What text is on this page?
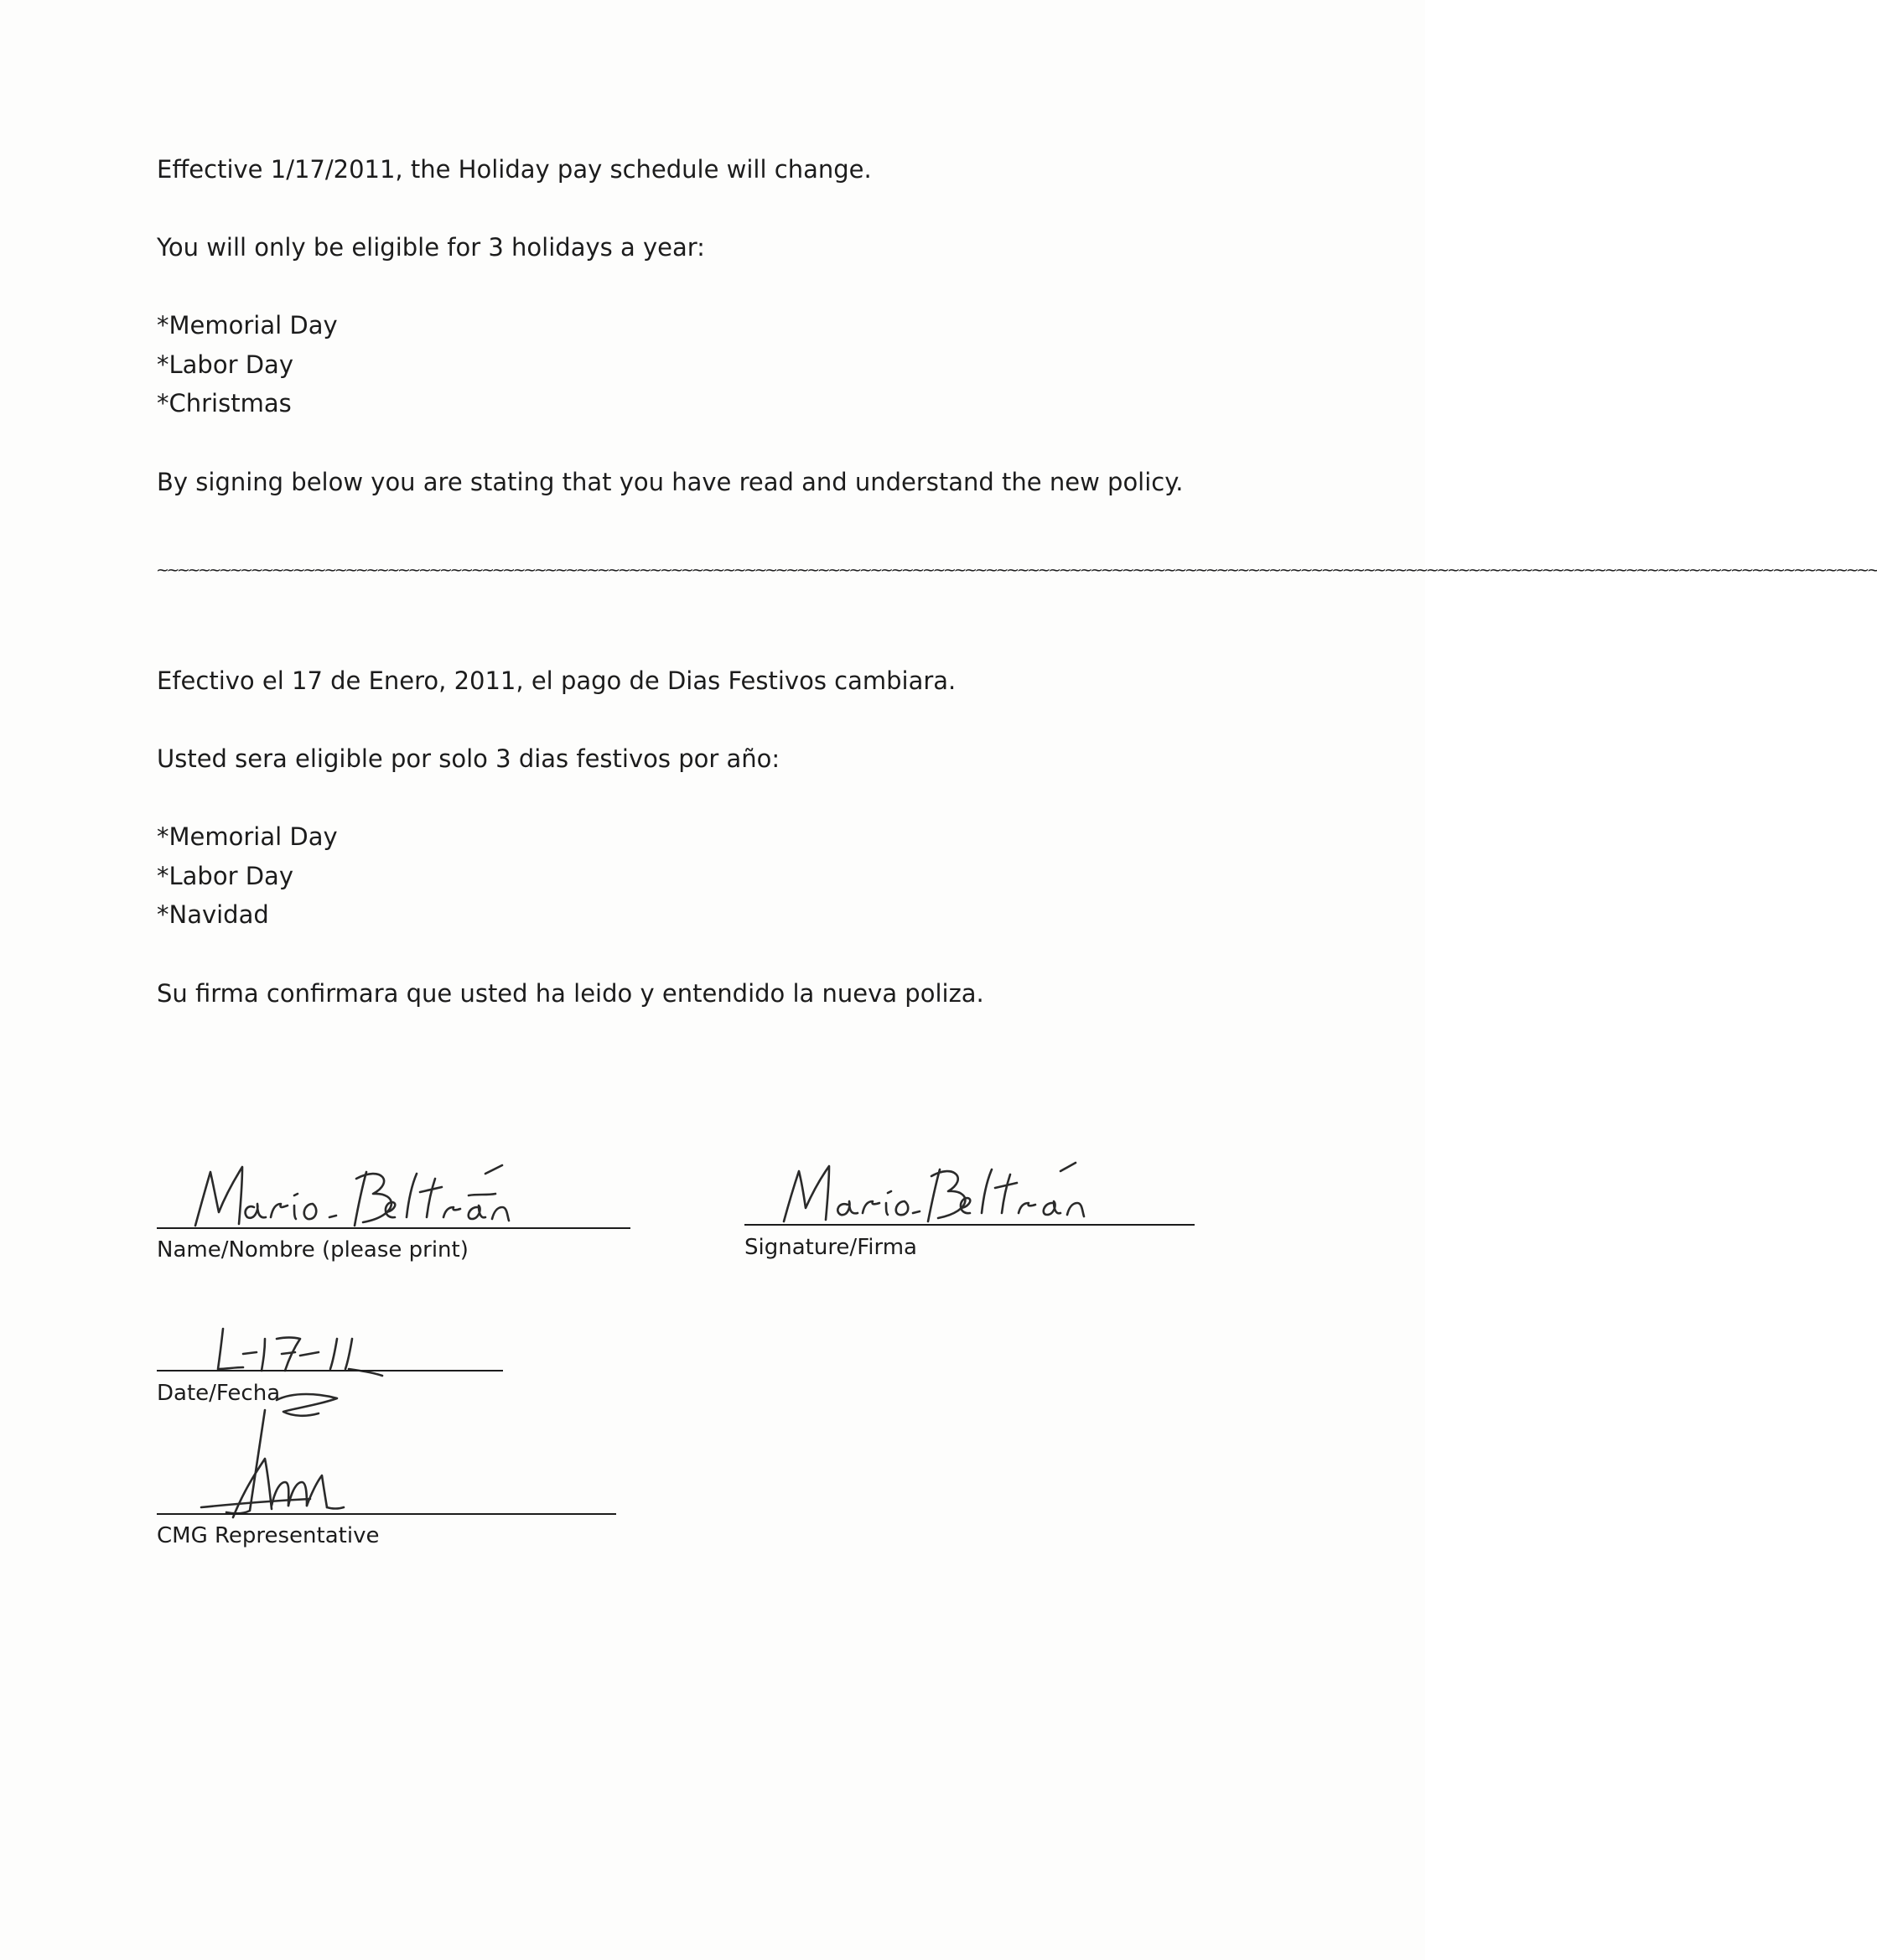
Effective 1/17/2011, the Holiday pay schedule will change.
You will only be eligible for 3 holidays a year:
*Memorial Day
*Labor Day
*Christmas
By signing below you are stating that you have read and understand the new policy.
~~~~~~~~~~~~~~~~~~~~~~~~~~~~~~~~~~~~~~~~~~~~~~~~~~~~~~~~~~~~~~~~~~~~~~~~~~~~~~~~~~~~~~~~~~~~~~~~~~~~~~~~~~~~~~~~~~~~~~~~~~~~~~~~~~~~~~~~~~~~~~~~~~~~~~~~~~~~~~~~~~~~
Efectivo el 17 de Enero, 2011, el pago de Dias Festivos cambiara.
Usted sera eligible por solo 3 dias festivos por año:
*Memorial Day
*Labor Day
*Navidad
Su firma confirmara que usted ha leido y entendido la nueva poliza.
Name/Nombre (please print)	Signature/Firma
Date/Fecha
CMG Representative
